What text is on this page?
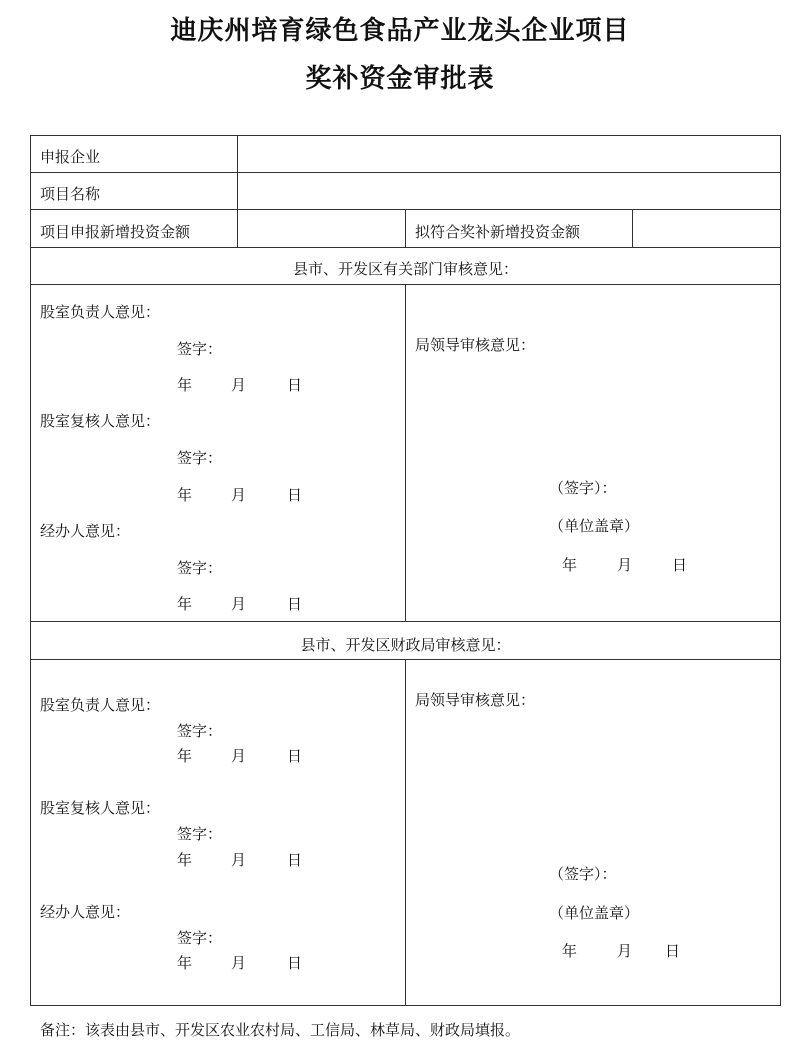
迪庆州培育绿色食品产业龙头企业项目
奖补资金审批表
申报企业
项目名称
项目申报新增投资金额	拟符合奖补新增投资金额
县市、开发区有关部门审核意见：
股室负责人意见：
签字：
年	月	日
股室复核人意见：
签字：
年	月	日
经办人意见：
签字：
年	月	日
局领导审核意见：
（签字）：
（单位盖章）
年	月	日
县市、开发区财政局审核意见：
股室负责人意见：
签字：
年	月	日
股室复核人意见：
签字：
年	月	日
经办人意见：
签字：
年	月	日
局领导审核意见：
（签字）：
（单位盖章）
年	月 日
备注：该表由县市、开发区农业农村局、工信局、林草局、财政局填报。
